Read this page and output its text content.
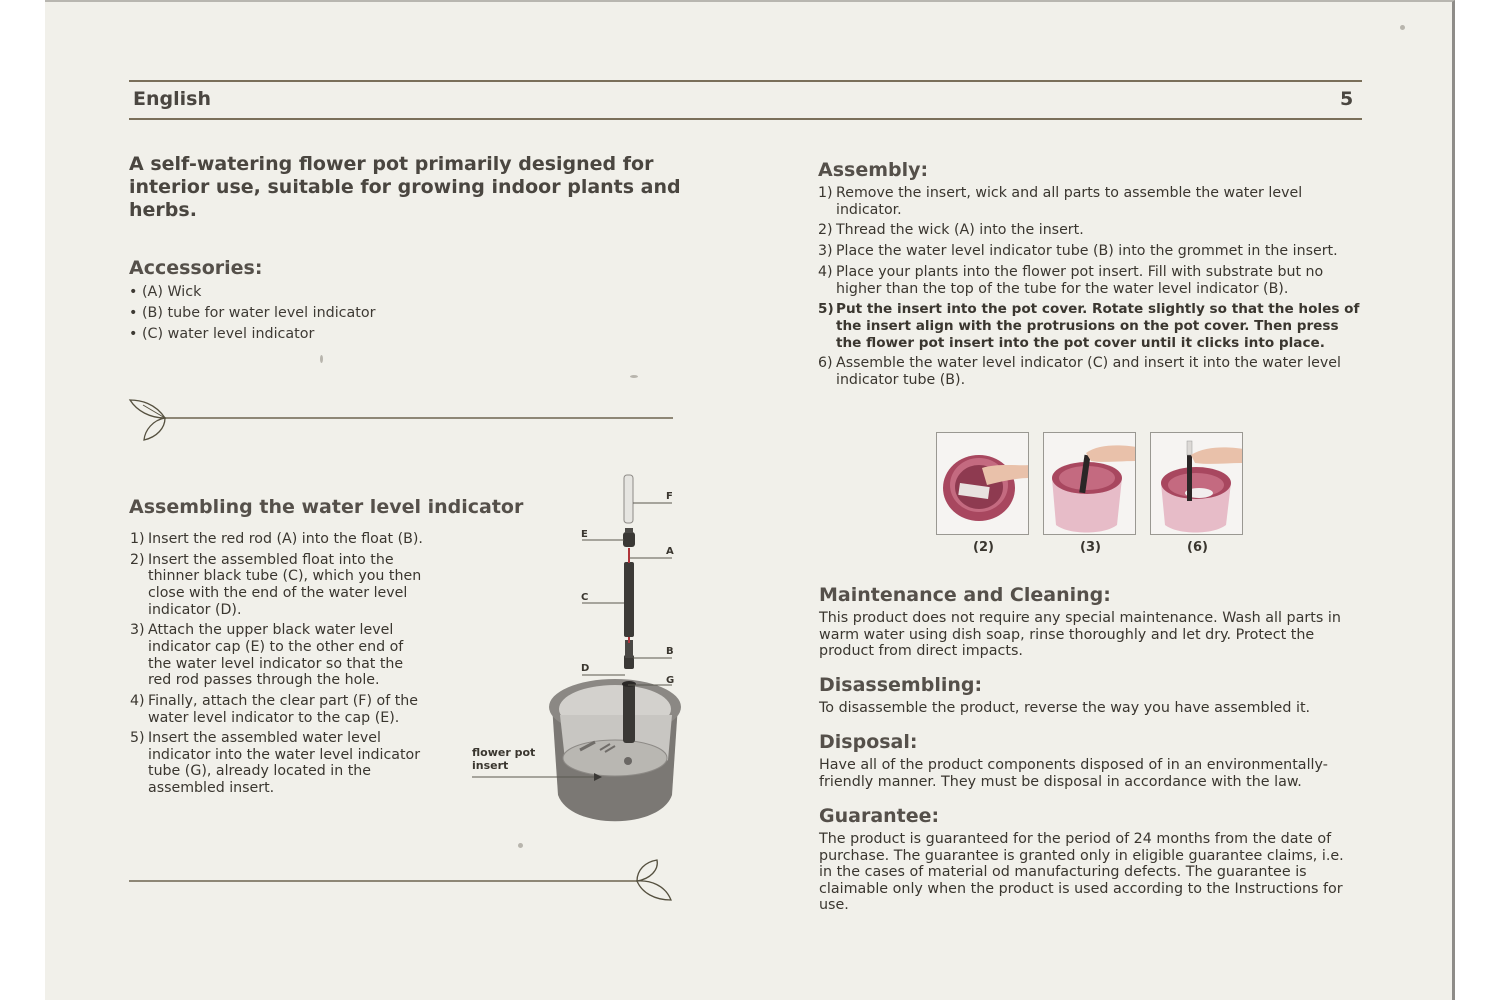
English	5
A self-watering flower pot primarily designed for interior use, suitable for growing indoor plants and herbs.
Accessories:
• (A) Wick
• (B) tube for water level indicator
• (C) water level indicator
Assembling the water level indicator
1) Insert the red rod (A) into the float (B).
2) Insert the assembled float into the thinner black tube (C), which you then close with the end of the water level indicator (D).
3) Attach the upper black water level indicator cap (E) to the other end of the water level indicator so that the red rod passes through the hole.
4) Finally, attach the clear part (F) of the water level indicator to the cap (E).
5) Insert the assembled water level indicator into the water level indicator tube (G), already located in the assembled insert.
F
E
A
C
B
D
G
flower pot
insert
Assembly:
1) Remove the insert, wick and all parts to assemble the water level indicator.
2) Thread the wick (A) into the insert.
3) Place the water level indicator tube (B) into the grommet in the insert.
4) Place your plants into the flower pot insert. Fill with substrate but no higher than the top of the tube for the water level indicator (B).
5) Put the insert into the pot cover. Rotate slightly so that the holes of the insert align with the protrusions on the pot cover. Then press the flower pot insert into the pot cover until it clicks into place.
6) Assemble the water level indicator (C) and insert it into the water level indicator tube (B).
(2)	(3)	(6)
Maintenance and Cleaning:
This product does not require any special maintenance. Wash all parts in warm water using dish soap, rinse thoroughly and let dry. Protect the product from direct impacts.
Disassembling:
To disassemble the product, reverse the way you have assembled it.
Disposal:
Have all of the product components disposed of in an environmentally-friendly manner. They must be disposal in accordance with the law.
Guarantee:
The product is guaranteed for the period of 24 months from the date of purchase. The guarantee is granted only in eligible guarantee claims, i.e. in the cases of material od manufacturing defects. The guarantee is claimable only when the product is used according to the Instructions for use.
